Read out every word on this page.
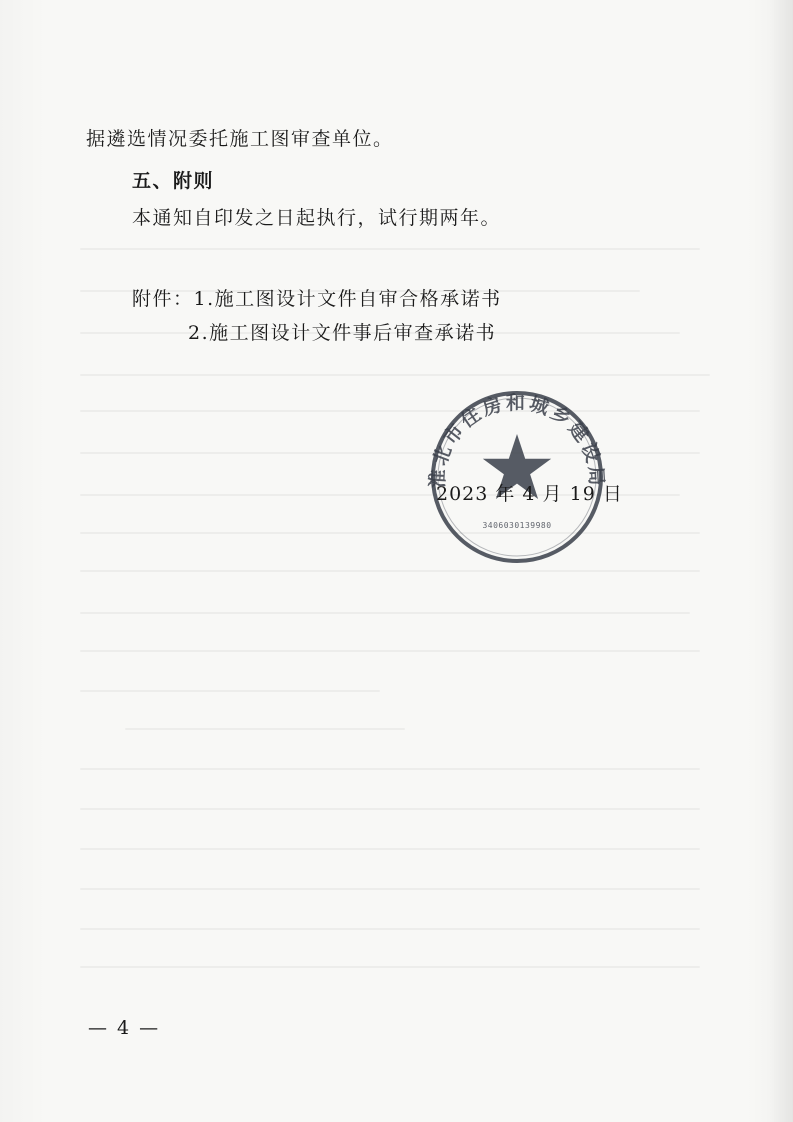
据遴选情况委托施工图审查单位。
五、附则
本通知自印发之日起执行，试行期两年。
附件：1.施工图设计文件自审合格承诺书
2.施工图设计文件事后审查承诺书
淮北市住房和城乡建设局
3406030139980
2023 年 4 月 19 日
— 4 —
